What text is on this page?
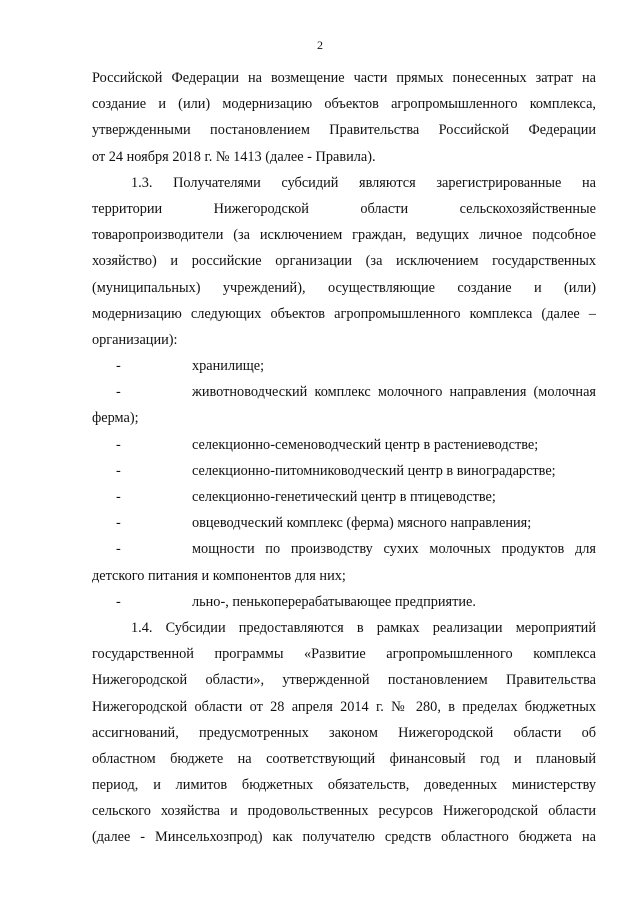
2
Российской Федерации на возмещение части прямых понесенных затрат на
создание и (или) модернизацию объектов агропромышленного комплекса,
утвержденными постановлением Правительства Российской Федерации
от 24 ноября 2018 г. № 1413 (далее - Правила).
1.3. Получателями субсидий являются зарегистрированные на
территории Нижегородской области сельскохозяйственные
товаропроизводители (за исключением граждан, ведущих личное подсобное
хозяйство) и российские организации (за исключением государственных
(муниципальных) учреждений), осуществляющие создание и (или)
модернизацию следующих объектов агропромышленного комплекса (далее –
организации):
-	хранилище;
-	животноводческий комплекс молочного направления (молочная
ферма);
-	селекционно-семеноводческий центр в растениеводстве;
-	селекционно-питомниководческий центр в виноградарстве;
-	селекционно-генетический центр в птицеводстве;
-	овцеводческий комплекс (ферма) мясного направления;
-	мощности по производству сухих молочных продуктов для
детского питания и компонентов для них;
-	льно-, пенькоперерабатывающее предприятие.
1.4. Субсидии предоставляются в рамках реализации мероприятий
государственной программы «Развитие агропромышленного комплекса
Нижегородской области», утвержденной постановлением Правительства
Нижегородской области от 28 апреля 2014 г. № 280, в пределах бюджетных
ассигнований, предусмотренных законом Нижегородской области об
областном бюджете на соответствующий финансовый год и плановый
период, и лимитов бюджетных обязательств, доведенных министерству
сельского хозяйства и продовольственных ресурсов Нижегородской области
(далее - Минсельхозпрод) как получателю средств областного бюджета на
